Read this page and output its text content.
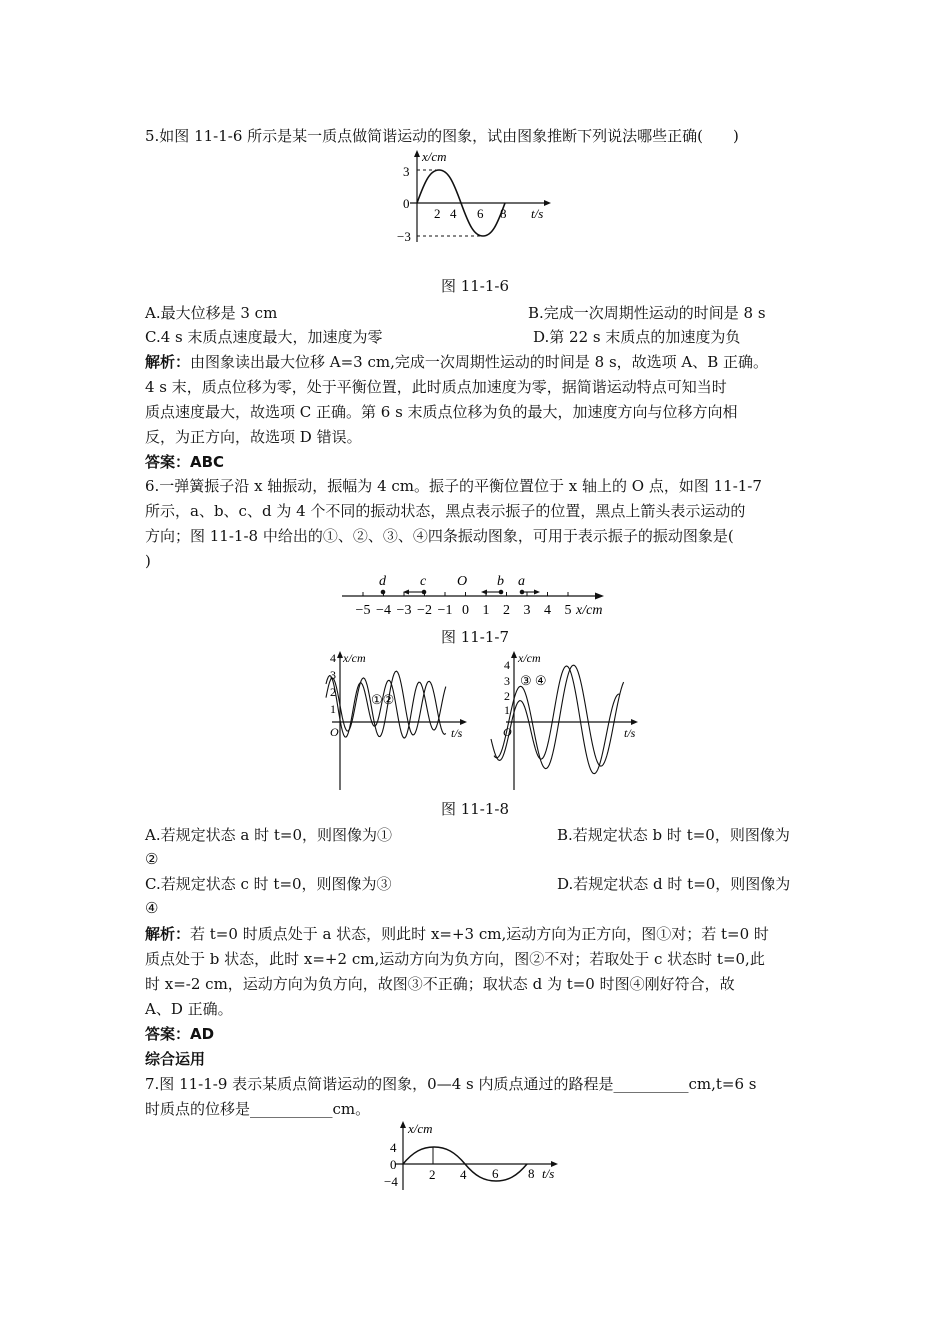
5.如图 11-1-6 所示是某一质点做简谐运动的图象，试由图象推断下列说法哪些正确(　　)
x/cm
3
0
−3
2 4 6 8 t/s
图 11-1-6
A.最大位移是 3 cm	B.完成一次周期性运动的时间是 8 s
C.4 s 末质点速度最大，加速度为零	D.第 22 s 末质点的加速度为负
解析：由图象读出最大位移 A=3 cm,完成一次周期性运动的时间是 8 s，故选项 A、B 正确。
4 s 末，质点位移为零，处于平衡位置，此时质点加速度为零，据简谐运动特点可知当时
质点速度最大，故选项 C 正确。第 6 s 末质点位移为负的最大，加速度方向与位移方向相
反，为正方向，故选项 D 错误。
答案：ABC
6.一弹簧振子沿 x 轴振动，振幅为 4 cm。振子的平衡位置位于 x 轴上的 O 点，如图 11-1-7
所示，a、b、c、d 为 4 个不同的振动状态，黑点表示振子的位置，黑点上箭头表示运动的
方向；图 11-1-8 中给出的①、②、③、④四条振动图象，可用于表示振子的振动图象是(
)
−5 −4 −3 −2 −1 0 1 2 3 4 5
d c O b a
x/cm
图 11-1-7
x/cm
4
3
2
1
O	t/s
①②
x/cm
4
3
2
1
O	t/s
③ ④
图 11-1-8
A.若规定状态 a 时 t=0，则图像为①	B.若规定状态 b 时 t=0，则图像为
②
C.若规定状态 c 时 t=0，则图像为③	D.若规定状态 d 时 t=0，则图像为
④
解析：若 t=0 时质点处于 a 状态，则此时 x=+3 cm,运动方向为正方向，图①对；若 t=0 时
质点处于 b 状态，此时 x=+2 cm,运动方向为负方向，图②不对；若取处于 c 状态时 t=0,此
时 x=-2 cm，运动方向为负方向，故图③不正确；取状态 d 为 t=0 时图④刚好符合，故
A、D 正确。
答案：AD
综合运用
7.图 11-1-9 表示某质点简谐运动的图象，0—4 s 内质点通过的路程是__________cm,t=6 s
时质点的位移是___________cm。
x/cm
4
0
−4 2 4 6 8 t/s
